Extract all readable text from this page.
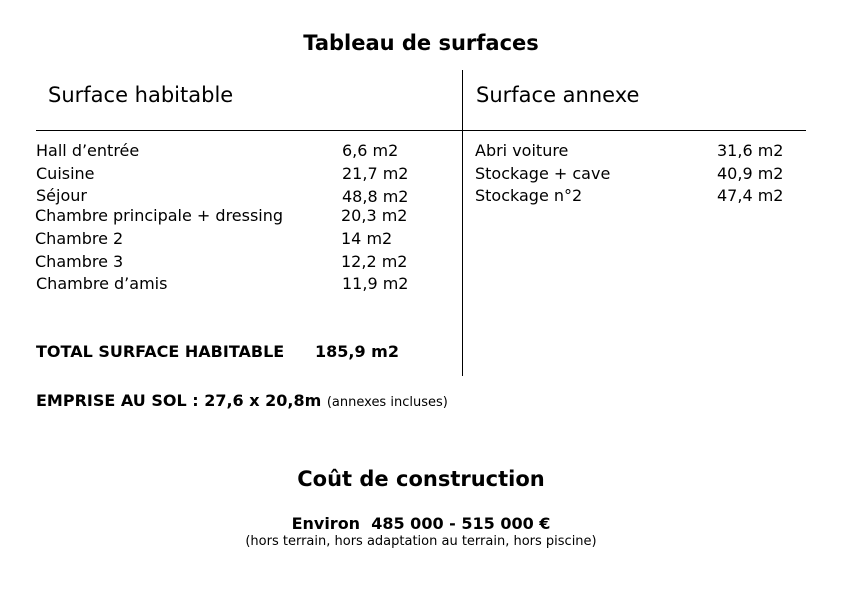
Tableau de surfaces
Surface habitable	Surface annexe
Hall d’entrée	6,6 m2
Cuisine	21,7 m2
Séjour	48,8 m2
Chambre principale + dressing	20,3 m2
Chambre 2	14 m2
Chambre 3	12,2 m2
Chambre d’amis	11,9 m2
Abri voiture	31,6 m2
Stockage + cave	40,9 m2
Stockage n°2	47,4 m2
TOTAL SURFACE HABITABLE 185,9 m2
EMPRISE AU SOL : 27,6 x 20,8m (annexes incluses)
Coût de construction
Environ  485 000 - 515 000 €
(hors terrain, hors adaptation au terrain, hors piscine)
